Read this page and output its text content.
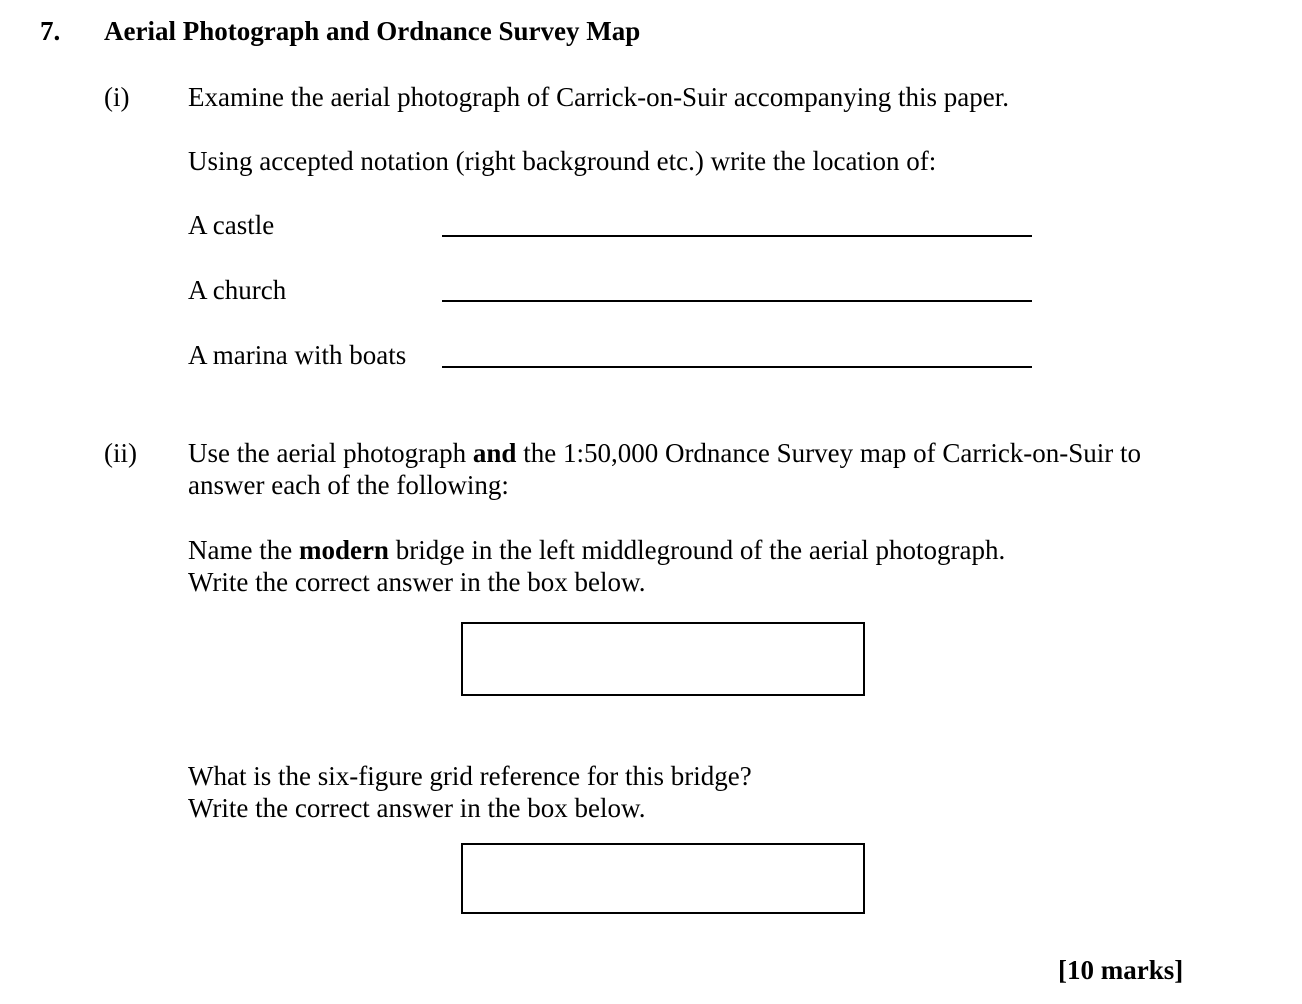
7. Aerial Photograph and Ordnance Survey Map
(i) Examine the aerial photograph of Carrick-on-Suir accompanying this paper.
Using accepted notation (right background etc.) write the location of:
A castle
A church
A marina with boats
(ii) Use the aerial photograph and the 1:50,000 Ordnance Survey map of Carrick-on-Suir to
answer each of the following:
Name the modern bridge in the left middleground of the aerial photograph.
Write the correct answer in the box below.
What is the six-figure grid reference for this bridge?
Write the correct answer in the box below.
[10 marks]
